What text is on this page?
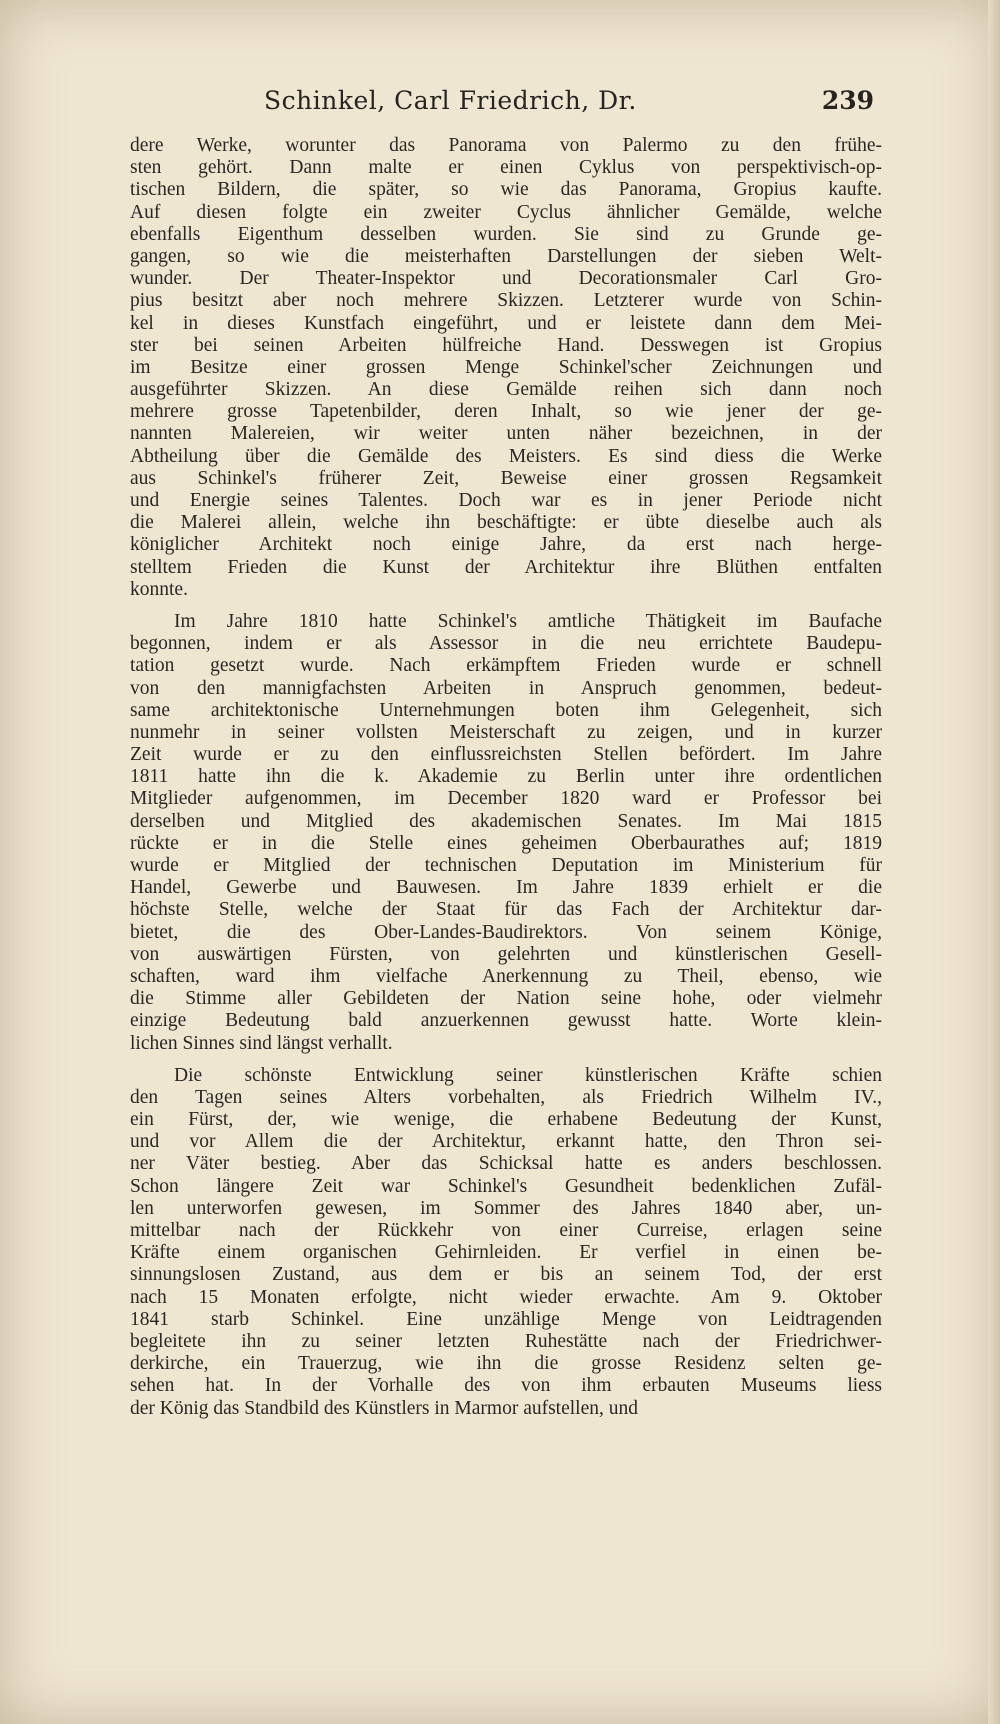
Schinkel, Carl Friedrich, Dr.	239
dere Werke, worunter das Panorama von Palermo zu den frühe-
sten gehört. Dann malte er einen Cyklus von perspektivisch-op-
tischen Bildern, die später, so wie das Panorama, Gropius kaufte.
Auf diesen folgte ein zweiter Cyclus ähnlicher Gemälde, welche
ebenfalls Eigenthum desselben wurden. Sie sind zu Grunde ge-
gangen, so wie die meisterhaften Darstellungen der sieben Welt-
wunder. Der Theater-Inspektor und Decorationsmaler Carl Gro-
pius besitzt aber noch mehrere Skizzen. Letzterer wurde von Schin-
kel in dieses Kunstfach eingeführt, und er leistete dann dem Mei-
ster bei seinen Arbeiten hülfreiche Hand. Desswegen ist Gropius
im Besitze einer grossen Menge Schinkel'scher Zeichnungen und
ausgeführter Skizzen. An diese Gemälde reihen sich dann noch
mehrere grosse Tapetenbilder, deren Inhalt, so wie jener der ge-
nannten Malereien, wir weiter unten näher bezeichnen, in der
Abtheilung über die Gemälde des Meisters. Es sind diess die Werke
aus Schinkel's früherer Zeit, Beweise einer grossen Regsamkeit
und Energie seines Talentes. Doch war es in jener Periode nicht
die Malerei allein, welche ihn beschäftigte: er übte dieselbe auch als
königlicher Architekt noch einige Jahre, da erst nach herge-
stelltem Frieden die Kunst der Architektur ihre Blüthen entfalten
konnte.
Im Jahre 1810 hatte Schinkel's amtliche Thätigkeit im Baufache
begonnen, indem er als Assessor in die neu errichtete Baudepu-
tation gesetzt wurde. Nach erkämpftem Frieden wurde er schnell
von den mannigfachsten Arbeiten in Anspruch genommen, bedeut-
same architektonische Unternehmungen boten ihm Gelegenheit, sich
nunmehr in seiner vollsten Meisterschaft zu zeigen, und in kurzer
Zeit wurde er zu den einflussreichsten Stellen befördert. Im Jahre
1811 hatte ihn die k. Akademie zu Berlin unter ihre ordentlichen
Mitglieder aufgenommen, im December 1820 ward er Professor bei
derselben und Mitglied des akademischen Senates. Im Mai 1815
rückte er in die Stelle eines geheimen Oberbaurathes auf; 1819
wurde er Mitglied der technischen Deputation im Ministerium für
Handel, Gewerbe und Bauwesen. Im Jahre 1839 erhielt er die
höchste Stelle, welche der Staat für das Fach der Architektur dar-
bietet, die des Ober-Landes-Baudirektors. Von seinem Könige,
von auswärtigen Fürsten, von gelehrten und künstlerischen Gesell-
schaften, ward ihm vielfache Anerkennung zu Theil, ebenso, wie
die Stimme aller Gebildeten der Nation seine hohe, oder vielmehr
einzige Bedeutung bald anzuerkennen gewusst hatte. Worte klein-
lichen Sinnes sind längst verhallt.
Die schönste Entwicklung seiner künstlerischen Kräfte schien
den Tagen seines Alters vorbehalten, als Friedrich Wilhelm IV.,
ein Fürst, der, wie wenige, die erhabene Bedeutung der Kunst,
und vor Allem die der Architektur, erkannt hatte, den Thron sei-
ner Väter bestieg. Aber das Schicksal hatte es anders beschlossen.
Schon längere Zeit war Schinkel's Gesundheit bedenklichen Zufäl-
len unterworfen gewesen, im Sommer des Jahres 1840 aber, un-
mittelbar nach der Rückkehr von einer Curreise, erlagen seine
Kräfte einem organischen Gehirnleiden. Er verfiel in einen be-
sinnungslosen Zustand, aus dem er bis an seinem Tod, der erst
nach 15 Monaten erfolgte, nicht wieder erwachte. Am 9. Oktober
1841 starb Schinkel. Eine unzählige Menge von Leidtragenden
begleitete ihn zu seiner letzten Ruhestätte nach der Friedrichwer-
derkirche, ein Trauerzug, wie ihn die grosse Residenz selten ge-
sehen hat. In der Vorhalle des von ihm erbauten Museums liess
der König das Standbild des Künstlers in Marmor aufstellen, und
